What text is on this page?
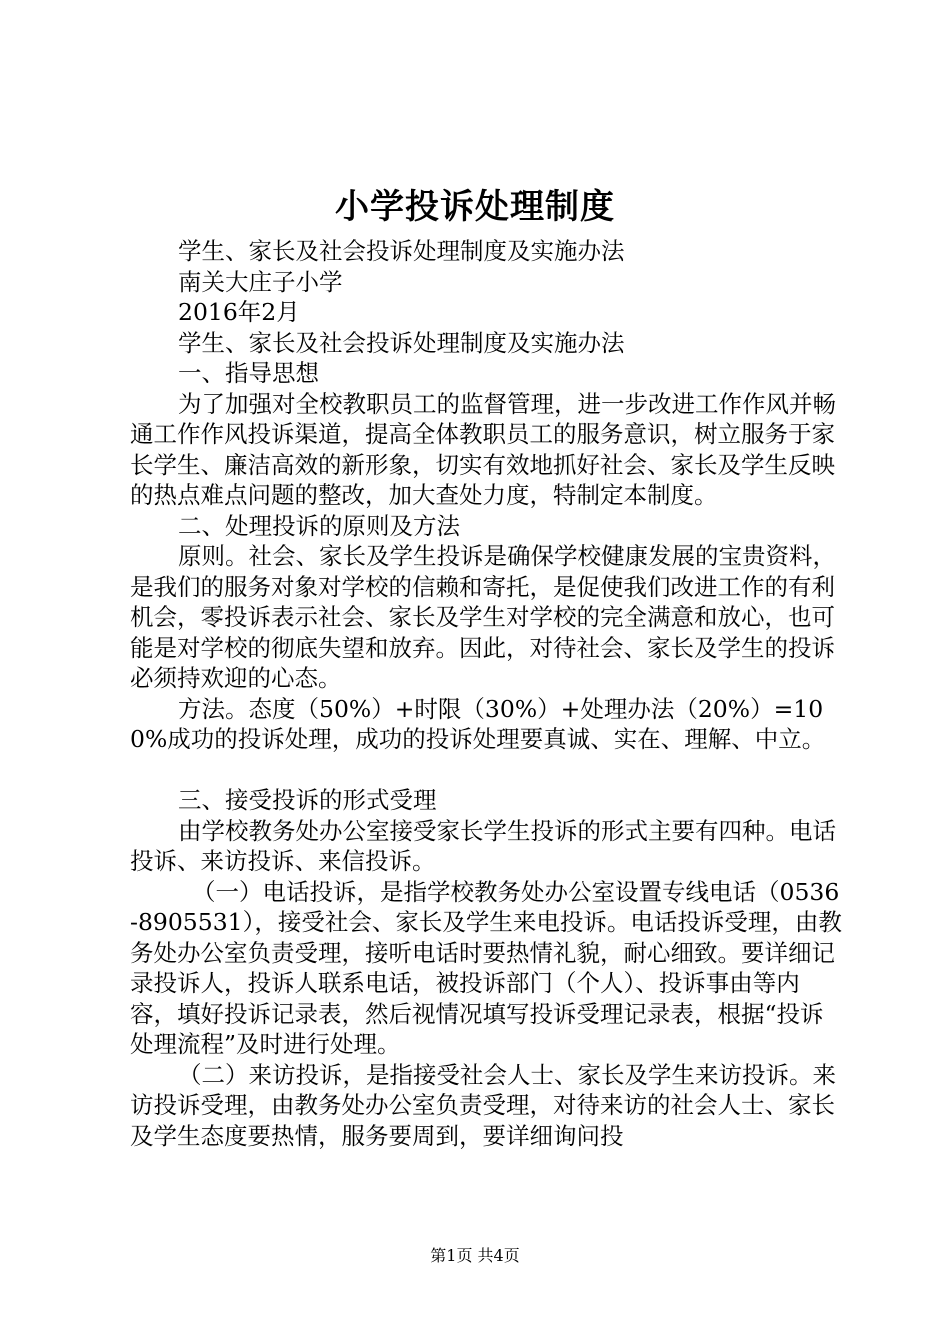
小学投诉处理制度

学生、家长及社会投诉处理制度及实施办法

南关大庄子小学

2016年2月

学生、家长及社会投诉处理制度及实施办法

一、指导思想

为了加强对全校教职员工的监督管理，进一步改进工作作风并畅通工作作风投诉渠道，提高全体教职员工的服务意识，树立服务于家长学生、廉洁高效的新形象，切实有效地抓好社会、家长及学生反映的热点难点问题的整改，加大查处力度，特制定本制度。

二、处理投诉的原则及方法

原则。社会、家长及学生投诉是确保学校健康发展的宝贵资料，是我们的服务对象对学校的信赖和寄托，是促使我们改进工作的有利机会，零投诉表示社会、家长及学生对学校的完全满意和放心，也可能是对学校的彻底失望和放弃。因此，对待社会、家长及学生的投诉必须持欢迎的心态。

方法。态度（50%）+时限（30%）+处理办法（20%）=100%成功的投诉处理，成功的投诉处理要真诚、实在、理解、中立。

三、接受投诉的形式受理

由学校教务处办公室接受家长学生投诉的形式主要有四种。电话投诉、来访投诉、来信投诉。

（一）电话投诉，是指学校教务处办公室设置专线电话（0536-8905531），接受社会、家长及学生来电投诉。电话投诉受理，由教务处办公室负责受理，接听电话时要热情礼貌，耐心细致。要详细记录投诉人，投诉人联系电话，被投诉部门（个人）、投诉事由等内容，填好投诉记录表，然后视情况填写投诉受理记录表，根据“投诉处理流程”及时进行处理。

（二）来访投诉，是指接受社会人士、家长及学生来访投诉。来访投诉受理，由教务处办公室负责受理，对待来访的社会人士、家长及学生态度要热情，服务要周到，要详细询问投

第1页 共4页
